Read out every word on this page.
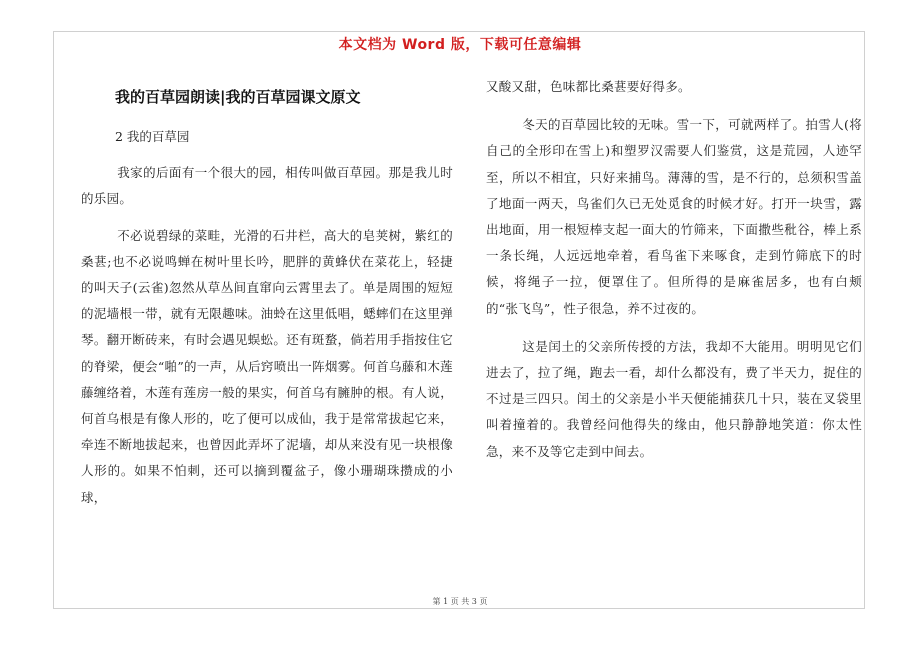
本文档为 Word 版，下载可任意编辑
我的百草园朗读|我的百草园课文原文
2 我的百草园

我家的后面有一个很大的园，相传叫做百草园。那是我儿时的乐园。

不必说碧绿的菜畦，光滑的石井栏，高大的皂荚树，紫红的桑葚;也不必说鸣蝉在树叶里长吟，肥胖的黄蜂伏在菜花上，轻捷的叫天子(云雀)忽然从草丛间直窜向云霄里去了。单是周围的短短的泥墙根一带，就有无限趣味。油蛉在这里低唱，蟋蟀们在这里弹琴。翻开断砖来，有时会遇见蜈蚣。还有斑蝥，倘若用手指按住它的脊梁，便会“啪”的一声，从后窍喷出一阵烟雾。何首乌藤和木莲藤缠络着，木莲有莲房一般的果实，何首乌有臃肿的根。有人说，何首乌根是有像人形的，吃了便可以成仙，我于是常常拔起它来，牵连不断地拔起来，也曾因此弄坏了泥墙，却从来没有见一块根像人形的。如果不怕刺，还可以摘到覆盆子，像小珊瑚珠攒成的小球，

又酸又甜，色味都比桑葚要好得多。

冬天的百草园比较的无味。雪一下，可就两样了。拍雪人(将自己的全形印在雪上)和塑罗汉需要人们鉴赏，这是荒园，人迹罕至，所以不相宜，只好来捕鸟。薄薄的雪，是不行的，总须积雪盖了地面一两天，鸟雀们久已无处觅食的时候才好。打开一块雪，露出地面，用一根短棒支起一面大的竹筛来，下面撒些秕谷，棒上系一条长绳，人远远地牵着，看鸟雀下来啄食，走到竹筛底下的时候，将绳子一拉，便罩住了。但所得的是麻雀居多，也有白颊的“张飞鸟”，性子很急，养不过夜的。

这是闰土的父亲所传授的方法，我却不大能用。明明见它们进去了，拉了绳，跑去一看，却什么都没有，费了半天力，捉住的不过是三四只。闰土的父亲是小半天便能捕获几十只，装在叉袋里叫着撞着的。我曾经问他得失的缘由，他只静静地笑道：你太性急，来不及等它走到中间去。

第 1 页 共 3 页
